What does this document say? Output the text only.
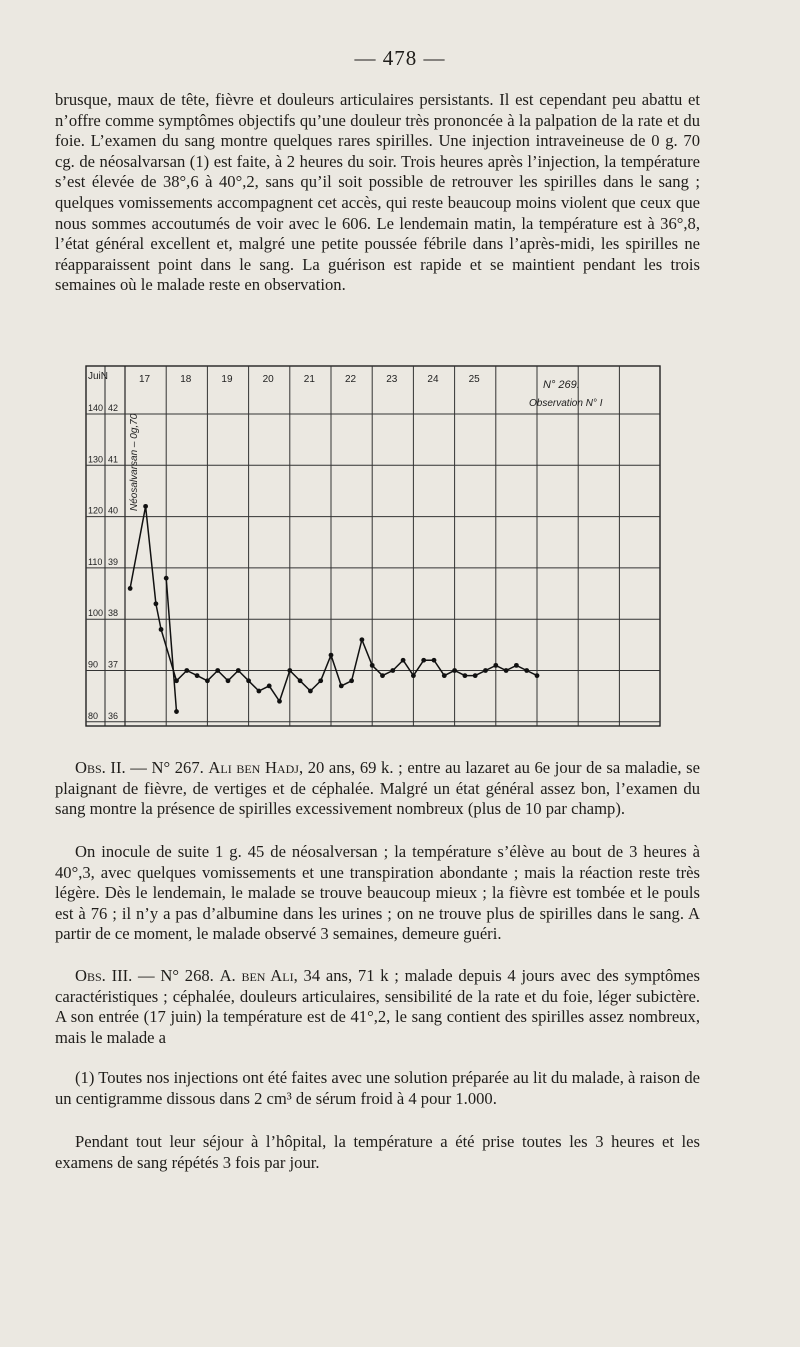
— 478 —

brusque, maux de tête, fièvre et douleurs articulaires persistants. Il est cependant peu abattu et n’offre comme symptômes objectifs qu’une douleur très prononcée à la palpation de la rate et du foie. L’examen du sang montre quelques rares spirilles. Une injection intraveineuse de 0 g. 70 cg. de néosalvarsan (1) est faite, à 2 heures du soir. Trois heures après l’injection, la température s’est élevée de 38°,6 à 40°,2, sans qu’il soit possible de retrouver les spirilles dans le sang ; quelques vomissements accompagnent cet accès, qui reste beaucoup moins violent que ceux que nous sommes accoutumés de voir avec le 606. Le lendemain matin, la température est à 36°,8, l’état général excellent et, malgré une petite poussée fébrile dans l’après-midi, les spirilles ne réapparaissent point dans le sang. La guérison est rapide et se maintient pendant les trois semaines où le malade reste en observation.

JuiN	17	18	19	20	21	22	23	24	25	N° 269.
Observation N° I
140
130
120
110
100
90
80
42
41
40
39
38
37
36
Néosalvarsan – 0g,70

Obs. II. — N° 267. Ali ben Hadj, 20 ans, 69 k. ; entre au lazaret au 6e jour de sa maladie, se plaignant de fièvre, de vertiges et de céphalée. Malgré un état général assez bon, l’examen du sang montre la présence de spirilles excessivement nombreux (plus de 10 par champ).

On inocule de suite 1 g. 45 de néosalversan ; la température s’élève au bout de 3 heures à 40°,3, avec quelques vomissements et une transpiration abondante ; mais la réaction reste très légère. Dès le lendemain, le malade se trouve beaucoup mieux ; la fièvre est tombée et le pouls est à 76 ; il n’y a pas d’albumine dans les urines ; on ne trouve plus de spirilles dans le sang. A partir de ce moment, le malade observé 3 semaines, demeure guéri.

Obs. III. — N° 268. A. ben Ali, 34 ans, 71 k ; malade depuis 4 jours avec des symptômes caractéristiques ; céphalée, douleurs articulaires, sensibilité de la rate et du foie, léger subictère. A son entrée (17 juin) la température est de 41°,2, le sang contient des spirilles assez nombreux, mais le malade a

(1) Toutes nos injections ont été faites avec une solution préparée au lit du malade, à raison de un centigramme dissous dans 2 cm³ de sérum froid à 4 pour 1.000.

Pendant tout leur séjour à l’hôpital, la température a été prise toutes les 3 heures et les examens de sang répétés 3 fois par jour.
